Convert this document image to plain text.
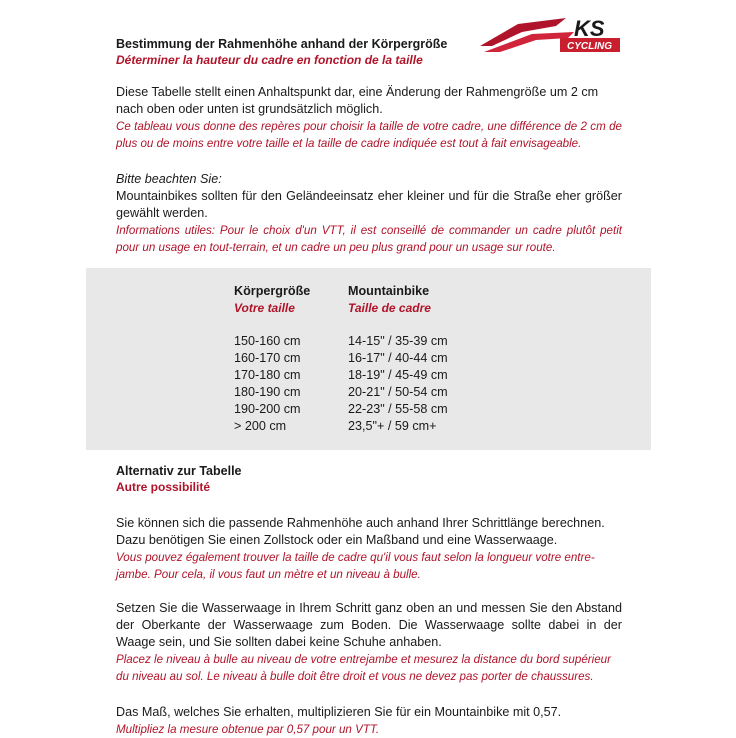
KS
CYCLING
Bestimmung der Rahmenhöhe anhand der Körpergröße
Déterminer la hauteur du cadre en fonction de la taille

Diese Tabelle stellt einen Anhaltspunkt dar, eine Änderung der Rahmengröße um 2 cm nach oben oder unten ist grundsätzlich möglich.

Ce tableau vous donne des repères pour choisir la taille de votre cadre, une différence de 2 cm de plus ou de moins entre votre taille et la taille de cadre indiquée est tout à fait envisageable.

Bitte beachten Sie:

Mountainbikes sollten für den Geländeeinsatz eher kleiner und für die Straße eher größer gewählt werden.

Informations utiles: Pour le choix d'un VTT, il est conseillé de commander un cadre plutôt petit pour un usage en tout-terrain, et un cadre un peu plus grand pour un usage sur route.

Körpergröße
Votre taille
Mountainbike
Taille de cadre
150-160 cm
160-170 cm
170-180 cm
180-190 cm
190-200 cm
> 200 cm
14-15" / 35-39 cm
16-17" / 40-44 cm
18-19" / 45-49 cm
20-21" / 50-54 cm
22-23" / 55-58 cm
23,5"+ / 59 cm+
Alternativ zur Tabelle
Autre possibilité

Sie können sich die passende Rahmenhöhe auch anhand Ihrer Schrittlänge berechnen. Dazu benötigen Sie einen Zollstock oder ein Maßband und eine Wasserwaage.

Vous pouvez également trouver la taille de cadre qu'il vous faut selon la longueur votre entre-jambe. Pour cela, il vous faut un mètre et un niveau à bulle.

Setzen Sie die Wasserwaage in Ihrem Schritt ganz oben an und messen Sie den Abstand der Oberkante der Wasserwaage zum Boden. Die Wasserwaage sollte dabei in der Waage sein, und Sie sollten dabei keine Schuhe anhaben.

Placez le niveau à bulle au niveau de votre entrejambe et mesurez la distance du bord supérieur du niveau au sol. Le niveau à bulle doit être droit et vous ne devez pas porter de chaussures.

Das Maß, welches Sie erhalten, multiplizieren Sie für ein Mountainbike mit 0,57.

Multipliez la mesure obtenue par 0,57 pour un VTT.
